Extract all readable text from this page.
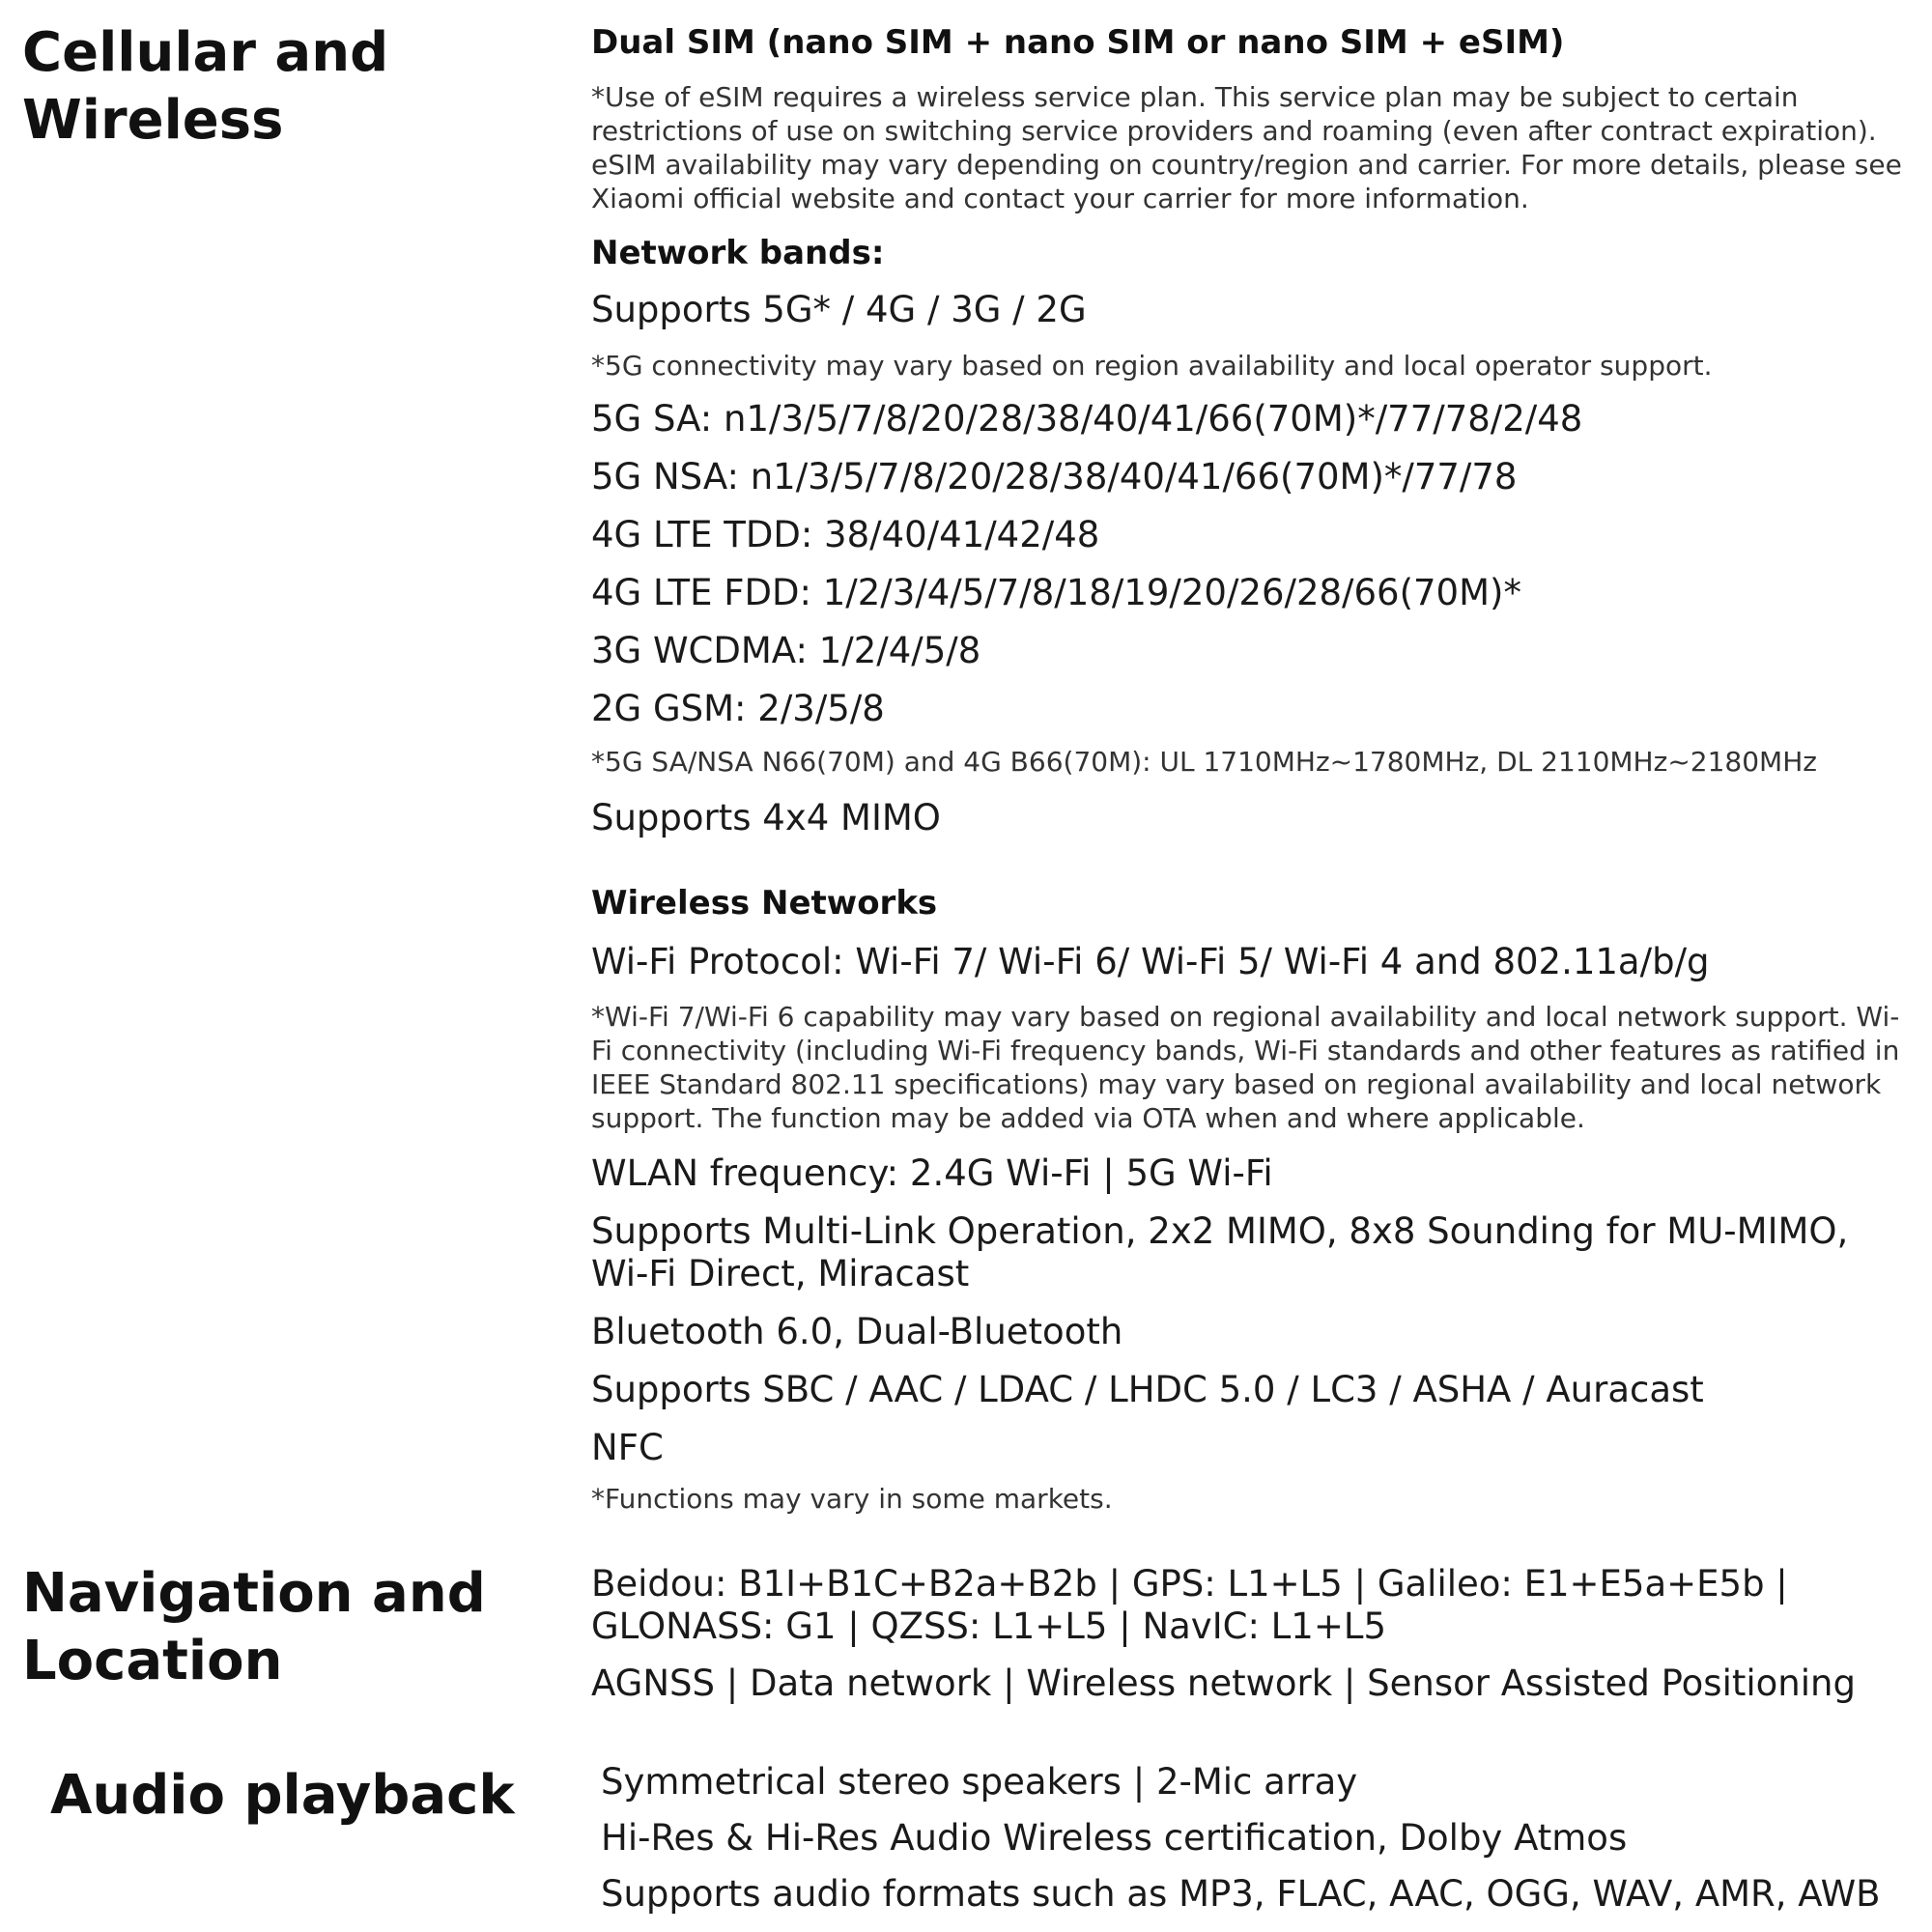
Cellular and
Wireless
Navigation and
Location
Audio playback

Dual SIM (nano SIM + nano SIM or nano SIM + eSIM)

*Use of eSIM requires a wireless service plan. This service plan may be subject to certain restrictions of use on switching service providers and roaming (even after contract expiration). eSIM availability may vary depending on country/region and carrier. For more details, please see Xiaomi official website and contact your carrier for more information.

Network bands:

Supports 5G* / 4G / 3G / 2G

*5G connectivity may vary based on region availability and local operator support.

5G SA: n1/3/5/7/8/20/28/38/40/41/66(70M)*/77/78/2/48

5G NSA: n1/3/5/7/8/20/28/38/40/41/66(70M)*/77/78

4G LTE TDD: 38/40/41/42/48

4G LTE FDD: 1/2/3/4/5/7/8/18/19/20/26/28/66(70M)*

3G WCDMA: 1/2/4/5/8

2G GSM: 2/3/5/8

*5G SA/NSA N66(70M) and 4G B66(70M): UL 1710MHz~1780MHz, DL 2110MHz~2180MHz

Supports 4x4 MIMO

Wireless Networks

Wi-Fi Protocol: Wi-Fi 7/ Wi-Fi 6/ Wi-Fi 5/ Wi-Fi 4 and 802.11a/b/g

*Wi-Fi 7/Wi-Fi 6 capability may vary based on regional availability and local network support. Wi-Fi connectivity (including Wi-Fi frequency bands, Wi-Fi standards and other features as ratified in IEEE Standard 802.11 specifications) may vary based on regional availability and local network support. The function may be added via OTA when and where applicable.

WLAN frequency: 2.4G Wi-Fi | 5G Wi-Fi

Supports Multi-Link Operation, 2x2 MIMO, 8x8 Sounding for MU-MIMO, Wi-Fi Direct, Miracast

Bluetooth 6.0, Dual-Bluetooth

Supports SBC / AAC / LDAC / LHDC 5.0 / LC3 / ASHA / Auracast

NFC

*Functions may vary in some markets.

Beidou: B1I+B1C+B2a+B2b | GPS: L1+L5 | Galileo: E1+E5a+E5b | GLONASS: G1 | QZSS: L1+L5 | NavIC: L1+L5

AGNSS | Data network | Wireless network | Sensor Assisted Positioning

Symmetrical stereo speakers | 2-Mic array

Hi-Res & Hi-Res Audio Wireless certification, Dolby Atmos

Supports audio formats such as MP3, FLAC, AAC, OGG, WAV, AMR, AWB
